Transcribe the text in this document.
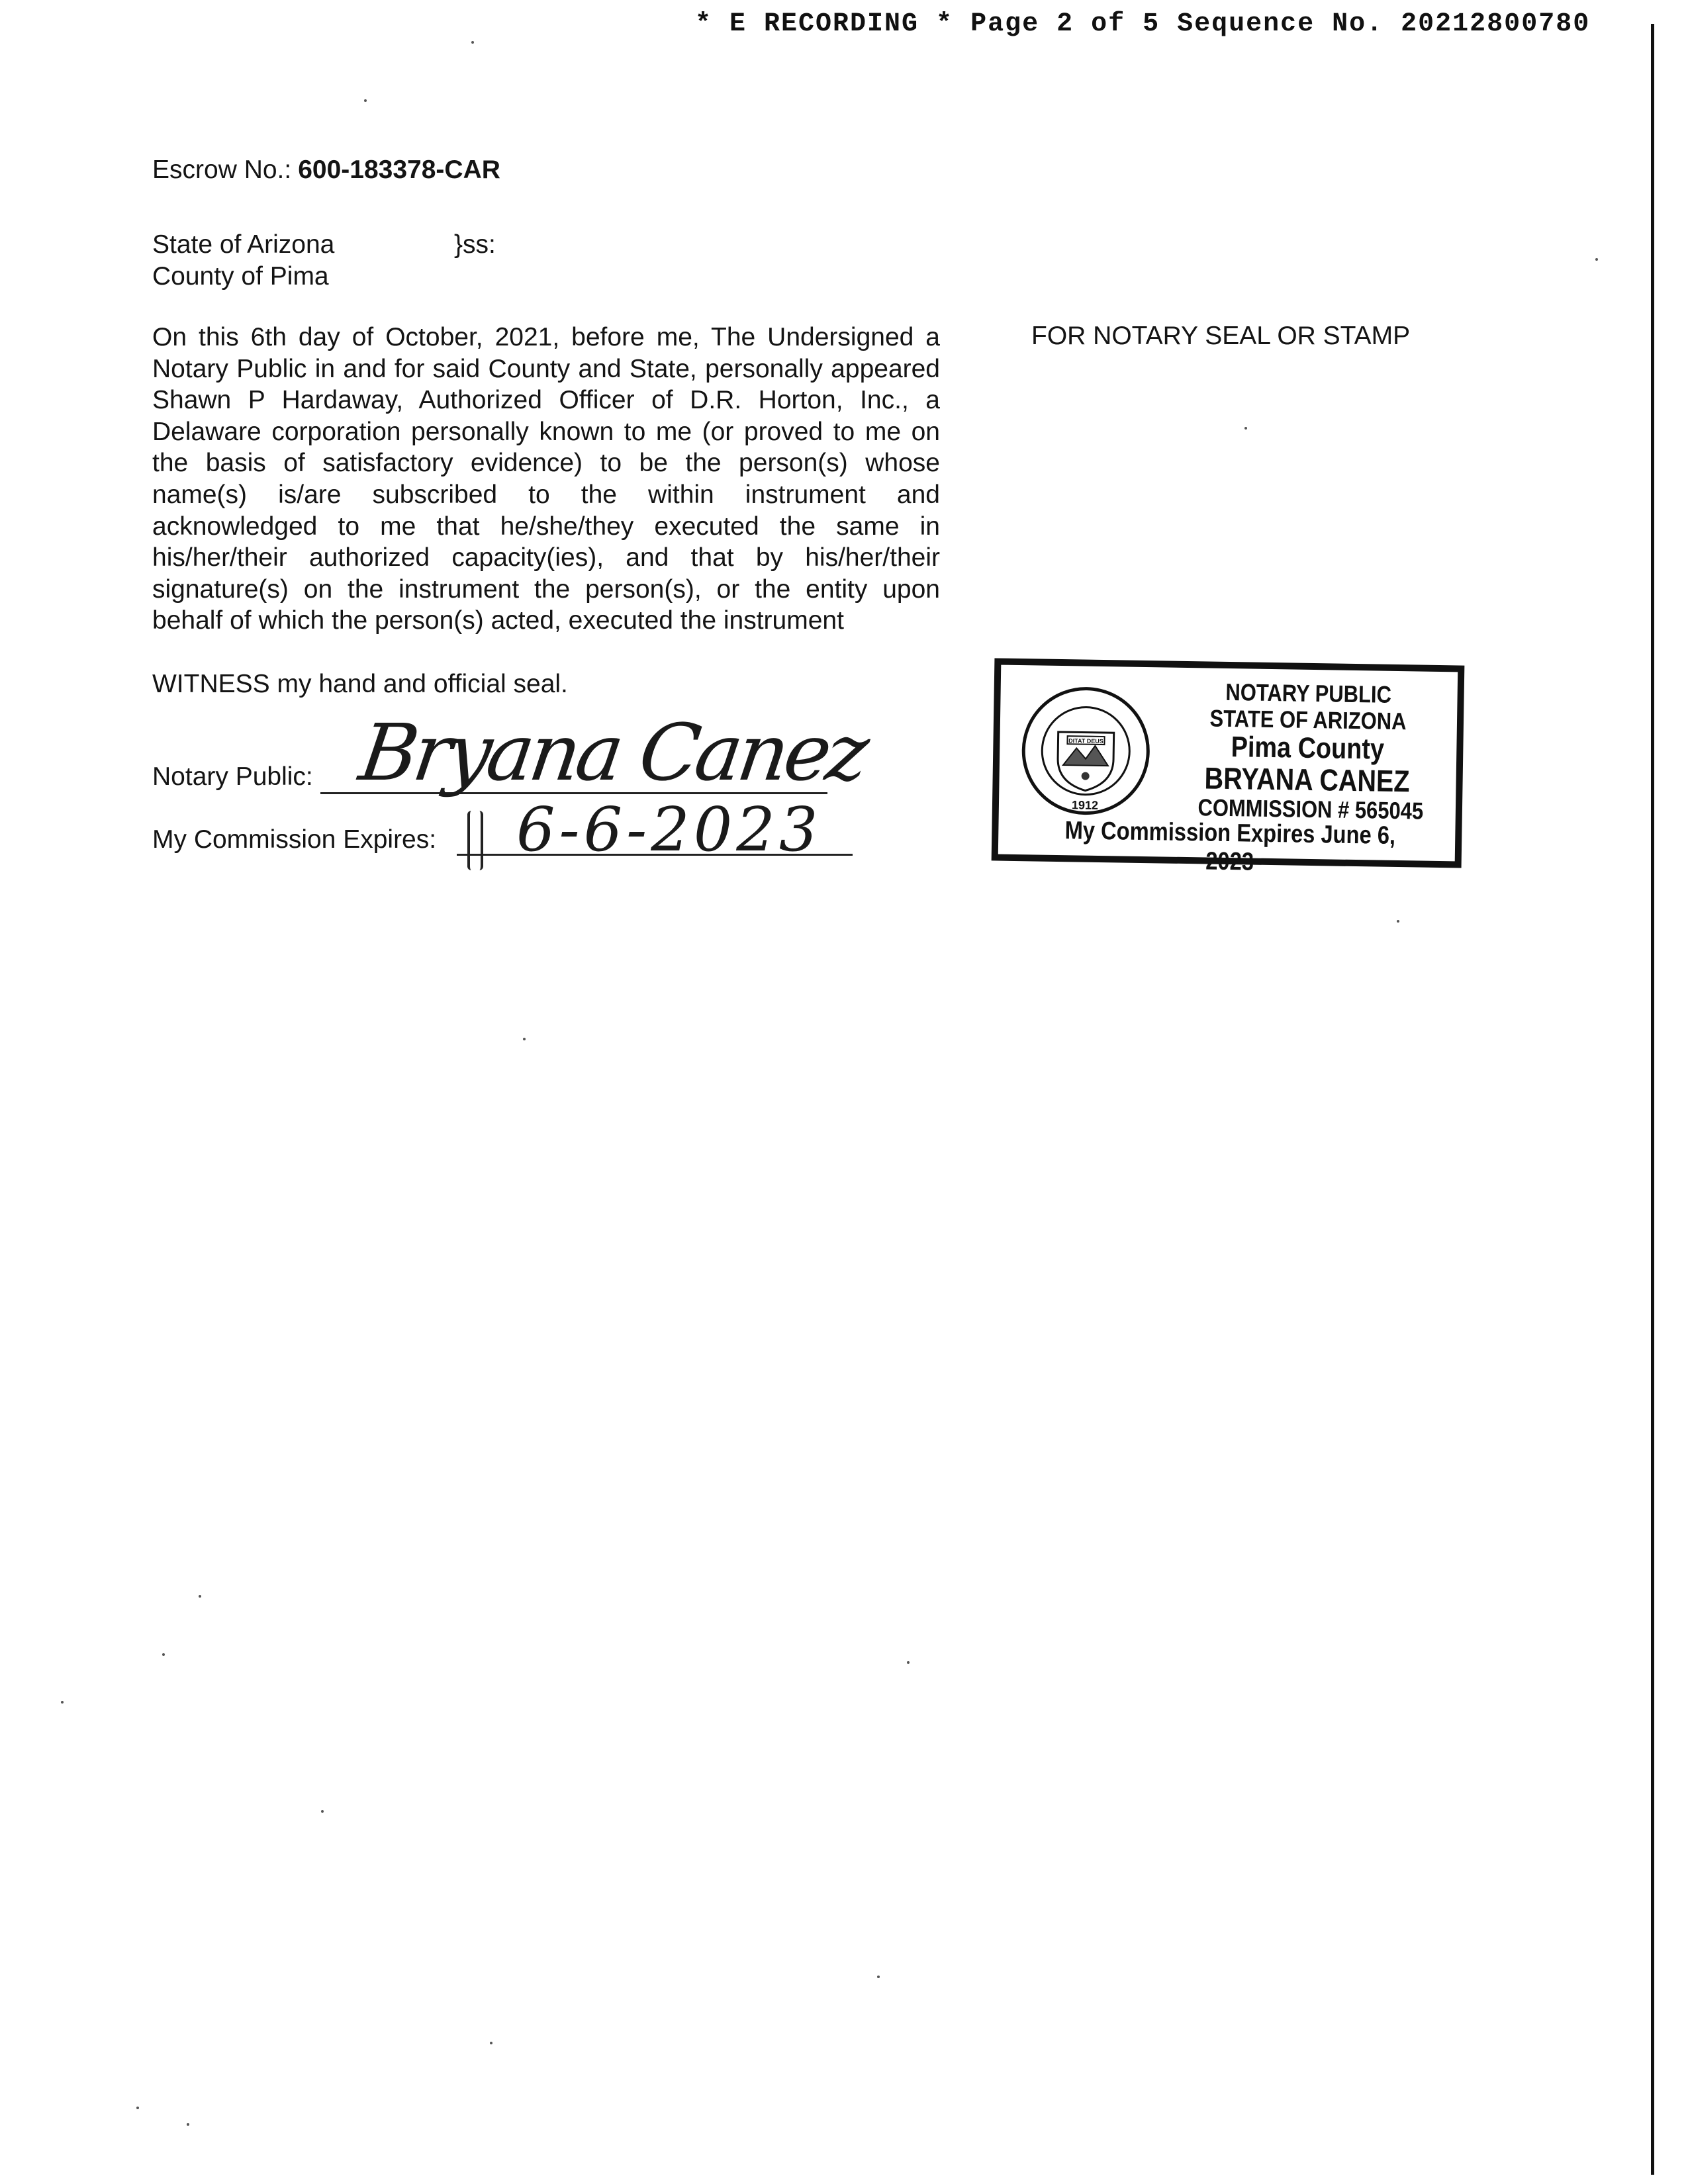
* E RECORDING * Page 2 of 5 Sequence No. 20212800780
Escrow No.: 600-183378-CAR
State of Arizona
County of Pima
}ss:
On this 6th day of October, 2021, before me, The Undersigned a Notary Public in and for said County and State, personally appeared Shawn P Hardaway, Authorized Officer of D.R. Horton, Inc., a Delaware corporation personally known to me (or proved to me on the basis of satisfactory evidence) to be the person(s) whose name(s) is/are subscribed to the within instrument and acknowledged to me that he/she/they executed the same in his/her/their authorized capacity(ies), and that by his/her/their signature(s) on the instrument the person(s), or the entity upon behalf of which the person(s) acted, executed the instrument
FOR NOTARY SEAL OR STAMP
WITNESS my hand and official seal.
Notary Public: Bryana Canez
My Commission Expires: 6-6-2023	1912
DITAT DEUS
NOTARY PUBLIC
STATE OF ARIZONA
Pima County
BRYANA CANEZ
COMMISSION # 565045
My Commission Expires June 6, 2023
